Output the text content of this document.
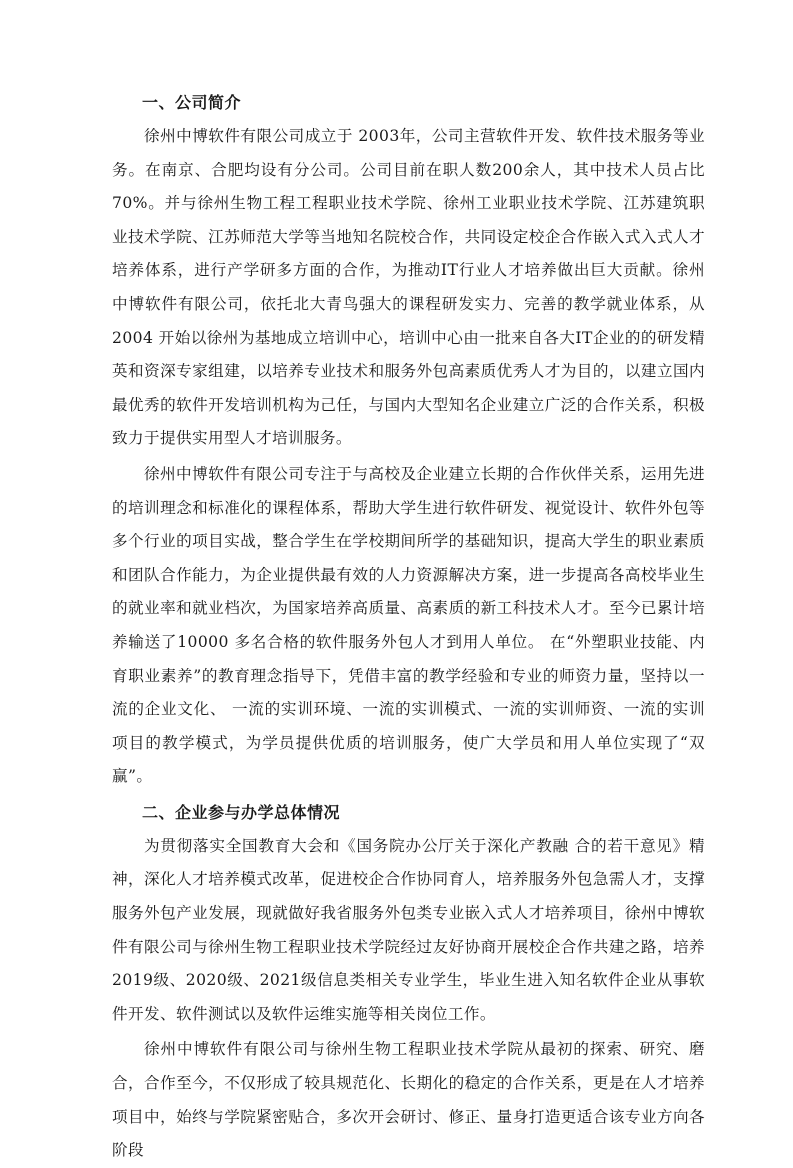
一、公司简介

徐州中博软件有限公司成立于 2003年，公司主营软件开发、软件技术服务等业务。在南京、合肥均设有分公司。公司目前在职人数200余人，其中技术人员占比70%。并与徐州生物工程工程职业技术学院、徐州工业职业技术学院、江苏建筑职业技术学院、江苏师范大学等当地知名院校合作，共同设定校企合作嵌入式入式人才培养体系，进行产学研多方面的合作，为推动IT行业人才培养做出巨大贡献。徐州中博软件有限公司，依托北大青鸟强大的课程研发实力、完善的教学就业体系，从2004 开始以徐州为基地成立培训中心，培训中心由一批来自各大IT企业的的研发精英和资深专家组建，以培养专业技术和服务外包高素质优秀人才为目的，以建立国内最优秀的软件开发培训机构为己任，与国内大型知名企业建立广泛的合作关系，积极致力于提供实用型人才培训服务。

徐州中博软件有限公司专注于与高校及企业建立长期的合作伙伴关系，运用先进的培训理念和标准化的课程体系，帮助大学生进行软件研发、视觉设计、软件外包等多个行业的项目实战，整合学生在学校期间所学的基础知识，提高大学生的职业素质和团队合作能力，为企业提供最有效的人力资源解决方案，进一步提高各高校毕业生的就业率和就业档次，为国家培养高质量、高素质的新工科技术人才。至今已累计培养输送了10000 多名合格的软件服务外包人才到用人单位。 在“外塑职业技能、内育职业素养”的教育理念指导下，凭借丰富的教学经验和专业的师资力量，坚持以一流的企业文化、 一流的实训环境、一流的实训模式、一流的实训师资、一流的实训项目的教学模式，为学员提供优质的培训服务，使广大学员和用人单位实现了“双赢”。

二、企业参与办学总体情况

为贯彻落实全国教育大会和《国务院办公厅关于深化产教融 合的若干意见》精神，深化人才培养模式改革，促进校企合作协同育人，培养服务外包急需人才，支撑服务外包产业发展，现就做好我省服务外包类专业嵌入式人才培养项目，徐州中博软件有限公司与徐州生物工程职业技术学院经过友好协商开展校企合作共建之路，培养 2019级、2020级、2021级信息类相关专业学生，毕业生进入知名软件企业从事软件开发、软件测试以及软件运维实施等相关岗位工作。

徐州中博软件有限公司与徐州生物工程职业技术学院从最初的探索、研究、磨合，合作至今，不仅形成了较具规范化、长期化的稳定的合作关系，更是在人才培养项目中，始终与学院紧密贴合，多次开会研讨、修正、量身打造更适合该专业方向各阶段
